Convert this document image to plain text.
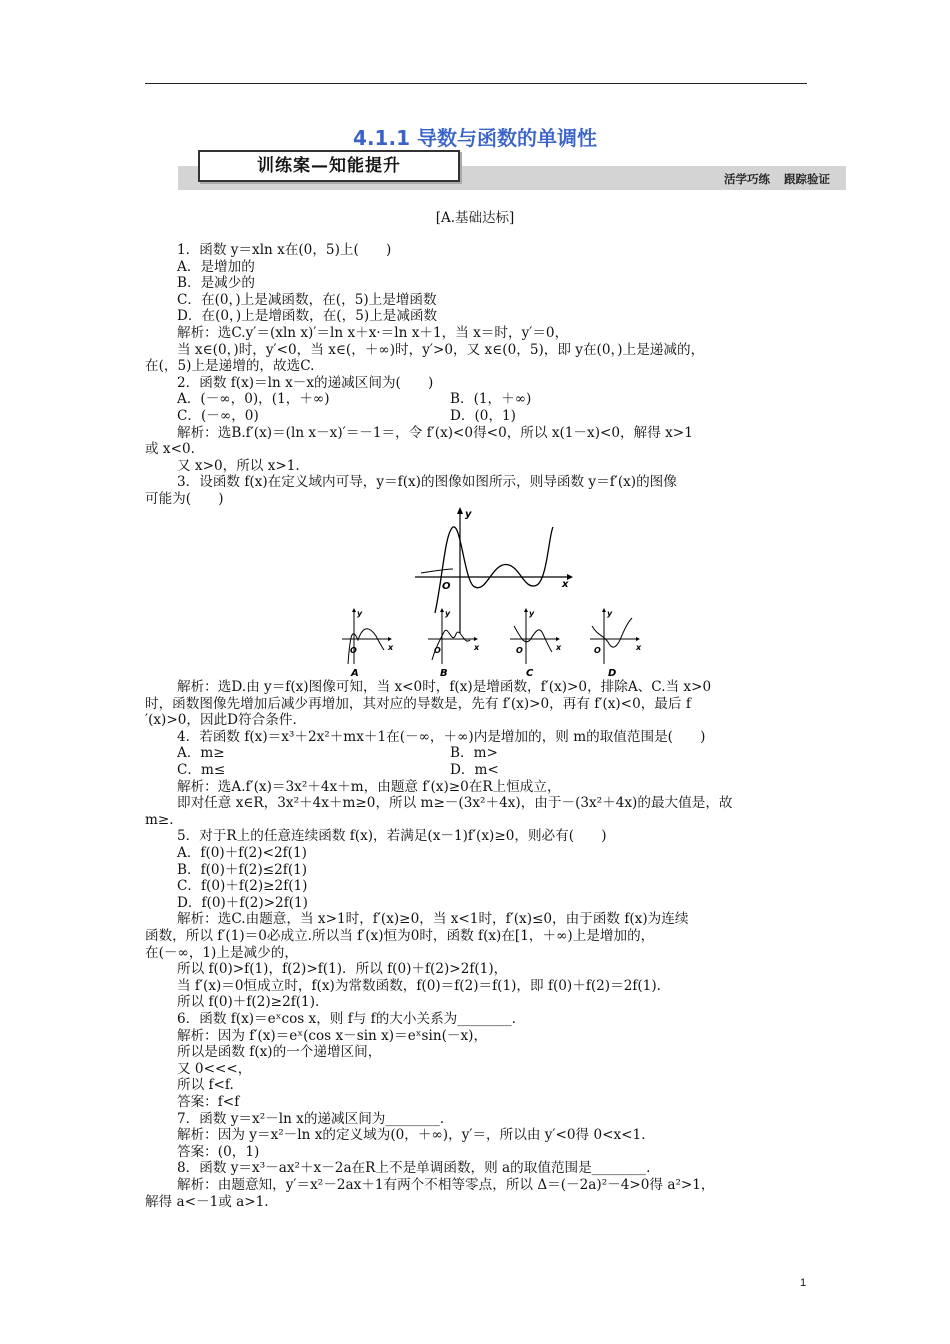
4.1.1 导数与函数的单调性
训练案—知能提升
活学巧练 跟踪验证
[A.基础达标]
1．函数 y＝xln x在(0，5)上(　　)
A．是增加的
B．是减少的
C．在(0，)上是减函数，在(，5)上是增函数
D．在(0，)上是增函数，在(，5)上是减函数
解析：选C.y′＝(xln x)′＝ln x＋x·＝ln x＋1，当 x＝时，y′＝0，
当 x∈(0，)时，y′<0，当 x∈(，＋∞)时，y′>0，又 x∈(0，5)，即 y在(0，)上是递减的，
在(，5)上是递增的，故选C.
2．函数 f(x)＝ln x－x的递减区间为(　　)
A．(－∞，0)，(1，＋∞)	B．(1，＋∞)
C．(－∞，0)	D．(0，1)
解析：选B.f′(x)＝(ln x－x)′＝－1＝，令 f′(x)<0得<0，所以 x(1－x)<0，解得 x>1
或 x<0.
又 x>0，所以 x>1.
3．设函数 f(x)在定义域内可导，y＝f(x)的图像如图所示，则导函数 y＝f′(x)的图像
可能为(　　)
x
y
O
x
y
O
A
x
y
O
B
x
y
O
C
x
y
O
D
解析：选D.由 y＝f(x)图像可知，当 x<0时，f(x)是增函数，f′(x)>0，排除A、C.当 x>0
时，函数图像先增加后减少再增加，其对应的导数是，先有 f′(x)>0，再有 f′(x)<0，最后 f
′(x)>0，因此D符合条件.
4．若函数 f(x)＝x³＋2x²＋mx＋1在(－∞，＋∞)内是增加的，则 m的取值范围是(　　)
A．m≥	B．m>
C．m≤	D．m<
解析：选A.f′(x)＝3x²＋4x＋m，由题意 f′(x)≥0在R上恒成立，
即对任意 x∈R，3x²＋4x＋m≥0，所以 m≥－(3x²＋4x)，由于－(3x²＋4x)的最大值是，故
m≥.
5．对于R上的任意连续函数 f(x)，若满足(x－1)f′(x)≥0，则必有(　　)
A．f(0)＋f(2)<2f(1)
B．f(0)＋f(2)≤2f(1)
C．f(0)＋f(2)≥2f(1)
D．f(0)＋f(2)>2f(1)
解析：选C.由题意，当 x>1时，f′(x)≥0，当 x<1时，f′(x)≤0，由于函数 f(x)为连续
函数，所以 f′(1)＝0必成立.所以当 f′(x)恒为0时，函数 f(x)在[1，＋∞)上是增加的，
在(－∞，1)上是减少的，
所以 f(0)>f(1)，f(2)>f(1)．所以 f(0)＋f(2)>2f(1)，
当 f′(x)＝0恒成立时，f(x)为常数函数，f(0)＝f(2)＝f(1)，即 f(0)＋f(2)＝2f(1).
所以 f(0)＋f(2)≥2f(1).
6．函数 f(x)＝eˣcos x，则 f与 f的大小关系为________.
解析：因为 f′(x)＝eˣ(cos x－sin x)＝eˣsin(－x)，
所以是函数 f(x)的一个递增区间，
又 0<<<，
所以 f<f.
答案：f<f
7．函数 y＝x²－ln x的递减区间为________.
解析：因为 y＝x²－ln x的定义域为(0，＋∞)，y′＝，所以由 y′<0得 0<x<1.
答案：(0，1)
8．函数 y＝x³－ax²＋x－2a在R上不是单调函数，则 a的取值范围是________.
解析：由题意知，y′＝x²－2ax＋1有两个不相等零点，所以 Δ＝(－2a)²－4>0得 a²>1，
解得 a<－1或 a>1.
1
